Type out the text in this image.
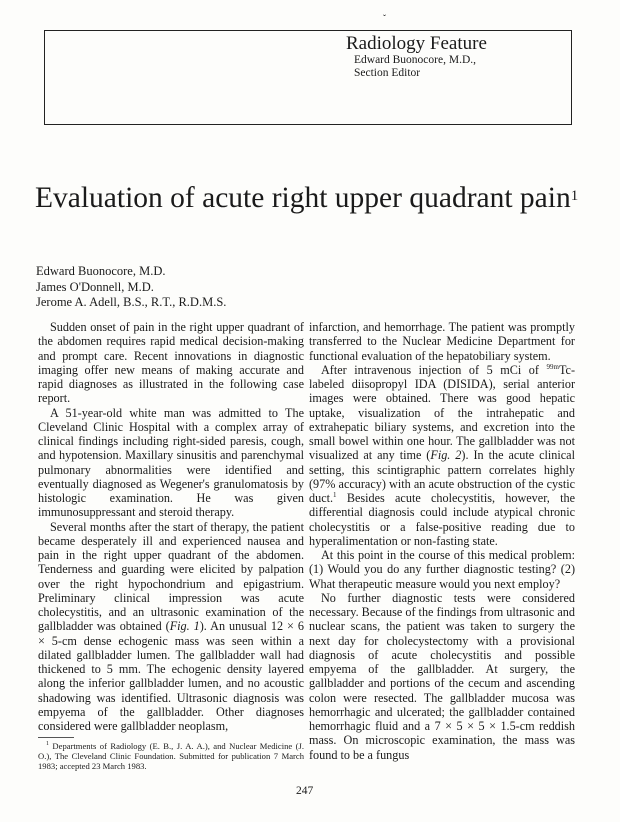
ˇ
Radiology Feature
Edward Buonocore, M.D.,
Section Editor
Evaluation of acute right upper quadrant pain$^1$
Edward Buonocore, M.D.
James O'Donnell, M.D.
Jerome A. Adell, B.S., R.T., R.D.M.S.

Sudden onset of pain in the right upper quadrant of the abdomen requires rapid medical decision-making and prompt care. Recent innovations in diagnostic imaging offer new means of making accurate and rapid diagnoses as illustrated in the following case report.

A 51-year-old white man was admitted to The Cleveland Clinic Hospital with a complex array of clinical findings including right-sided paresis, cough, and hypotension. Maxillary sinusitis and parenchymal pulmonary abnormalities were identified and eventually diagnosed as Wegener's granulomatosis by histologic examination. He was given immunosuppressant and steroid therapy.

Several months after the start of therapy, the patient became desperately ill and experienced nausea and pain in the right upper quadrant of the abdomen. Tenderness and guarding were elicited by palpation over the right hypochondrium and epigastrium. Preliminary clinical impression was acute cholecystitis, and an ultrasonic examination of the gallbladder was obtained (Fig. 1). An unusual 12 × 6 × 5-cm dense echogenic mass was seen within a dilated gallbladder lumen. The gallbladder wall had thickened to 5 mm. The echogenic density layered along the inferior gallbladder lumen, and no acoustic shadowing was identified. Ultrasonic diagnosis was empyema of the gallbladder. Other diagnoses considered were gallbladder neoplasm,

$^1$ Departments of Radiology (E. B., J. A. A.), and Nuclear Medicine (J. O.), The Cleveland Clinic Foundation. Submitted for publication 7 March 1983; accepted 23 March 1983.

infarction, and hemorrhage. The patient was promptly transferred to the Nuclear Medicine Department for functional evaluation of the hepatobiliary system.

After intravenous injection of 5 mCi of $^{99m}$Tc-labeled diisopropyl IDA (DISIDA), serial anterior images were obtained. There was good hepatic uptake, visualization of the intrahepatic and extrahepatic biliary systems, and excretion into the small bowel within one hour. The gallbladder was not visualized at any time (Fig. 2). In the acute clinical setting, this scintigraphic pattern correlates highly (97% accuracy) with an acute obstruction of the cystic duct.$^1$ Besides acute cholecystitis, however, the differential diagnosis could include atypical chronic cholecystitis or a false-positive reading due to hyperalimentation or non-fasting state.

At this point in the course of this medical problem: (1) Would you do any further diagnostic testing? (2) What therapeutic measure would you next employ?

No further diagnostic tests were considered necessary. Because of the findings from ultrasonic and nuclear scans, the patient was taken to surgery the next day for cholecystectomy with a provisional diagnosis of acute cholecystitis and possible empyema of the gallbladder. At surgery, the gallbladder and portions of the cecum and ascending colon were resected. The gallbladder mucosa was hemorrhagic and ulcerated; the gallbladder contained hemorrhagic fluid and a 7 × 5 × 5 × 1.5-cm reddish mass. On microscopic examination, the mass was found to be a fungus

247
